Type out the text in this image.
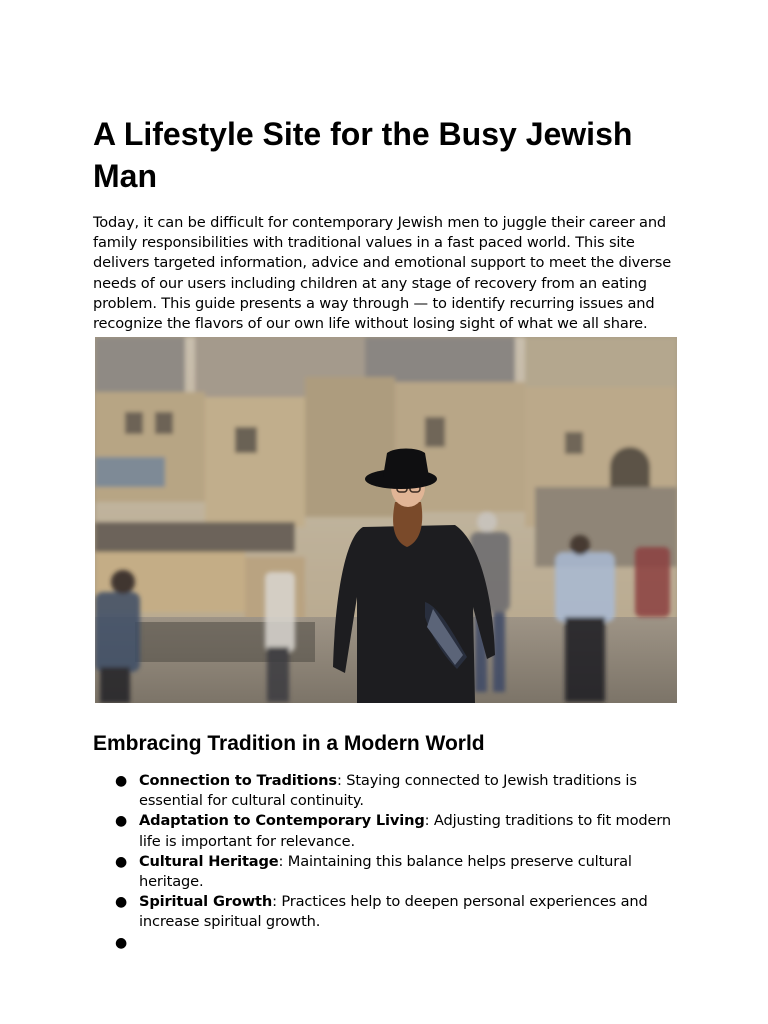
A Lifestyle Site for the Busy Jewish Man

Today, it can be difficult for contemporary Jewish men to juggle their career and family responsibilities with traditional values in a fast paced world. This site delivers targeted information, advice and emotional support to meet the diverse needs of our users including children at any stage of recovery from an eating problem. This guide presents a way through — to identify recurring issues and recognize the flavors of our own life without losing sight of what we all share.

Embracing Tradition in a Modern World
● Connection to Traditions: Staying connected to Jewish traditions is essential for cultural continuity.
● Adaptation to Contemporary Living: Adjusting traditions to fit modern life is important for relevance.
● Cultural Heritage: Maintaining this balance helps preserve cultural heritage.
● Spiritual Growth: Practices help to deepen personal experiences and increase spiritual growth.
●
